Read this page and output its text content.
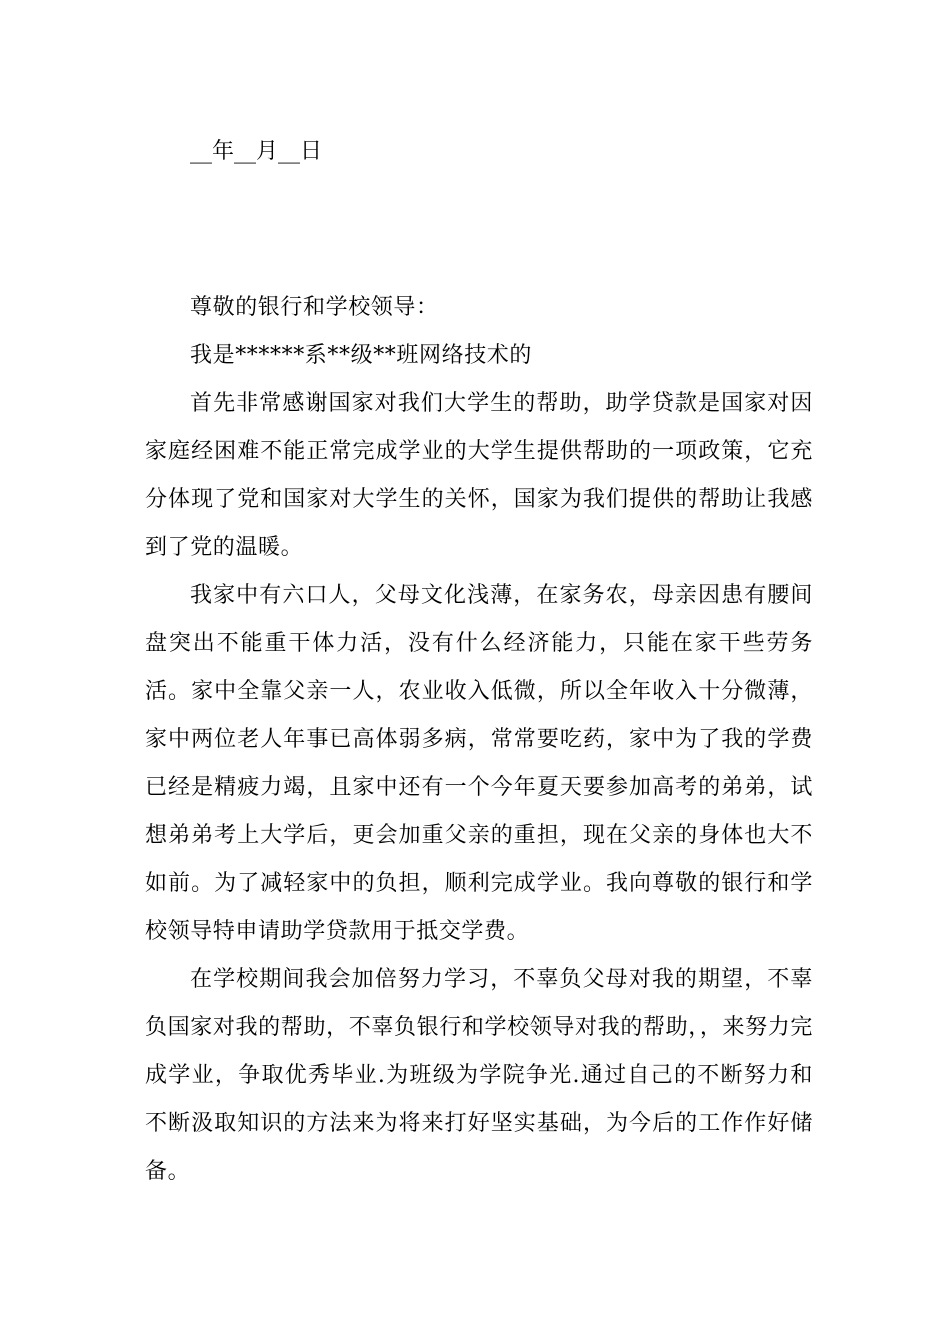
__年__月__日

尊敬的银行和学校领导：

我是******系**级**班网络技术的

首先非常感谢国家对我们大学生的帮助，助学贷款是国家对因家庭经困难不能正常完成学业的大学生提供帮助的一项政策，它充分体现了党和国家对大学生的关怀，国家为我们提供的帮助让我感到了党的温暖。

我家中有六口人，父母文化浅薄，在家务农，母亲因患有腰间盘突出不能重干体力活，没有什么经济能力，只能在家干些劳务活。家中全靠父亲一人，农业收入低微，所以全年收入十分微薄，家中两位老人年事已高体弱多病，常常要吃药，家中为了我的学费已经是精疲力竭，且家中还有一个今年夏天要参加高考的弟弟，试想弟弟考上大学后，更会加重父亲的重担，现在父亲的身体也大不如前。为了减轻家中的负担，顺利完成学业。我向尊敬的银行和学校领导特申请助学贷款用于抵交学费。

在学校期间我会加倍努力学习，不辜负父母对我的期望，不辜负国家对我的帮助，不辜负银行和学校领导对我的帮助，，来努力完成学业，争取优秀毕业.为班级为学院争光.通过自己的不断努力和不断汲取知识的方法来为将来打好坚实基础，为今后的工作作好储备。
